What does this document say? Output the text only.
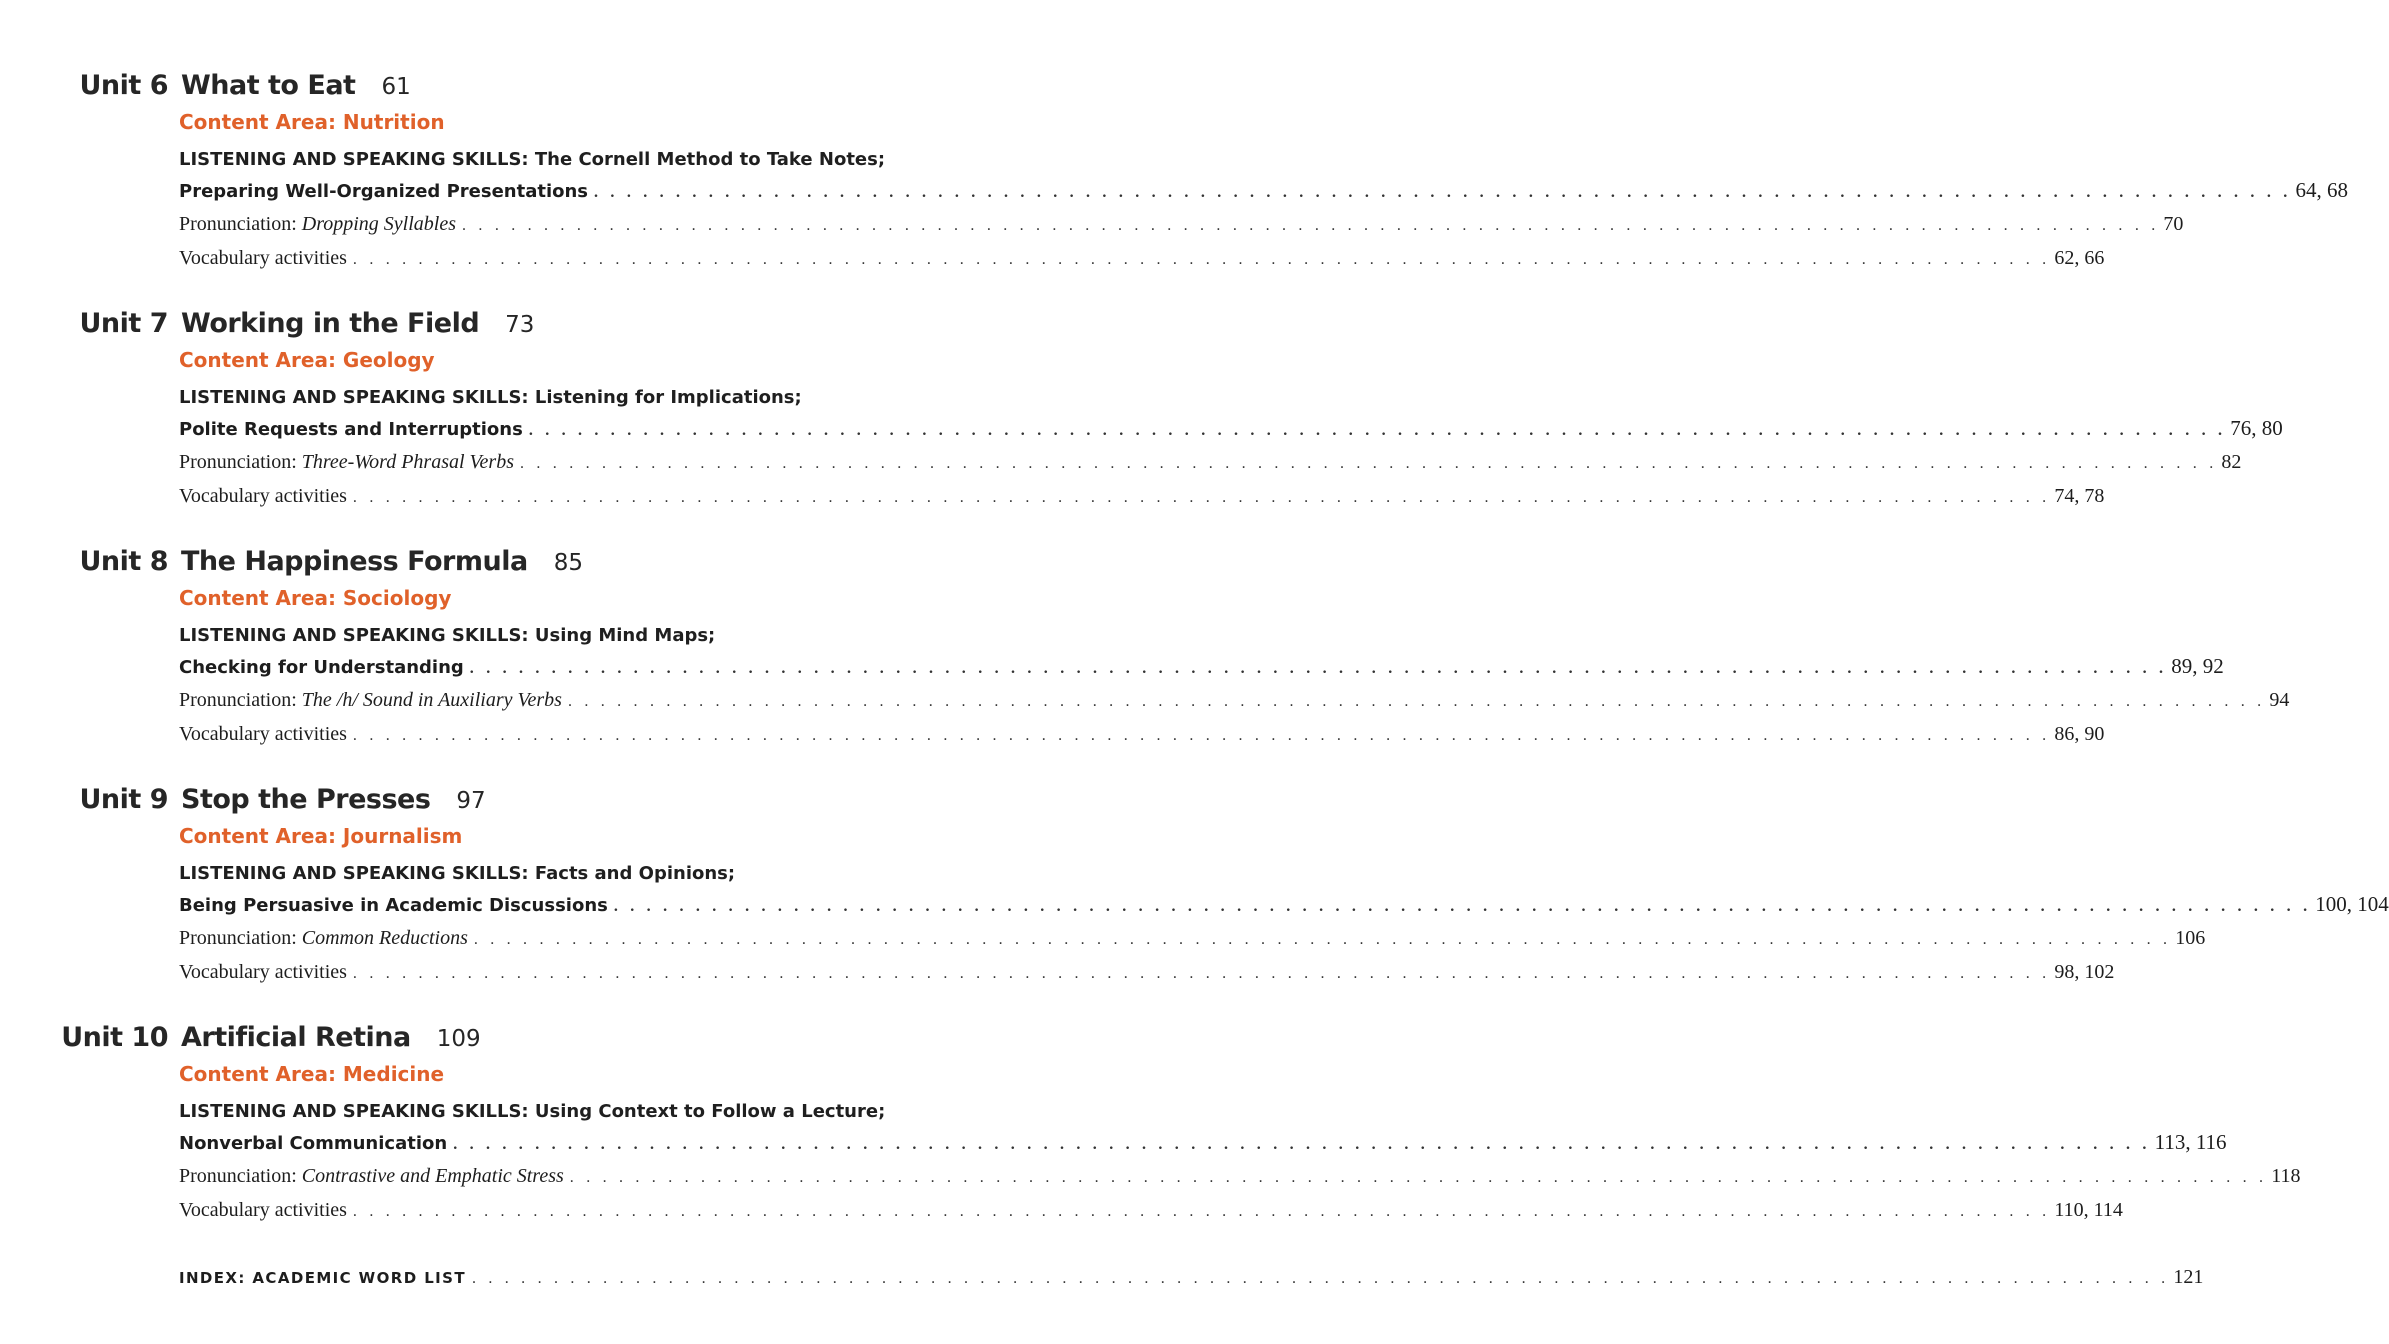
Unit 6 What to Eat 61
Content Area: Nutrition
LISTENING AND SPEAKING SKILLS: The Cornell Method to Take Notes;
Preparing Well-Organized Presentations . . . . . . . . . . . . . . . . . . . . . . . . . . . . . . . . . . . . . . . . . . . . . . . . . . . . . . . . . . . . . . . . . . . . . . . . . . . . . . . . . . . . . . . . . . . . . . . . . . . . . . . . 64, 68
Pronunciation: Dropping Syllables . . . . . . . . . . . . . . . . . . . . . . . . . . . . . . . . . . . . . . . . . . . . . . . . . . . . . . . . . . . . . . . . . . . . . . . . . . . . . . . . . . . . . . . . . . . . . . . . . . . . . . . . 70
Vocabulary activities . . . . . . . . . . . . . . . . . . . . . . . . . . . . . . . . . . . . . . . . . . . . . . . . . . . . . . . . . . . . . . . . . . . . . . . . . . . . . . . . . . . . . . . . . . . . . . . . . . . . . . . . 62, 66
Unit 7 Working in the Field 73
Content Area: Geology
LISTENING AND SPEAKING SKILLS: Listening for Implications;
Polite Requests and Interruptions . . . . . . . . . . . . . . . . . . . . . . . . . . . . . . . . . . . . . . . . . . . . . . . . . . . . . . . . . . . . . . . . . . . . . . . . . . . . . . . . . . . . . . . . . . . . . . . . . . . . . . . . 76, 80
Pronunciation: Three-Word Phrasal Verbs . . . . . . . . . . . . . . . . . . . . . . . . . . . . . . . . . . . . . . . . . . . . . . . . . . . . . . . . . . . . . . . . . . . . . . . . . . . . . . . . . . . . . . . . . . . . . . . . . . . . . . . . 82
Vocabulary activities . . . . . . . . . . . . . . . . . . . . . . . . . . . . . . . . . . . . . . . . . . . . . . . . . . . . . . . . . . . . . . . . . . . . . . . . . . . . . . . . . . . . . . . . . . . . . . . . . . . . . . . . 74, 78
Unit 8 The Happiness Formula 85
Content Area: Sociology
LISTENING AND SPEAKING SKILLS: Using Mind Maps;
Checking for Understanding . . . . . . . . . . . . . . . . . . . . . . . . . . . . . . . . . . . . . . . . . . . . . . . . . . . . . . . . . . . . . . . . . . . . . . . . . . . . . . . . . . . . . . . . . . . . . . . . . . . . . . . . 89, 92
Pronunciation: The /h/ Sound in Auxiliary Verbs . . . . . . . . . . . . . . . . . . . . . . . . . . . . . . . . . . . . . . . . . . . . . . . . . . . . . . . . . . . . . . . . . . . . . . . . . . . . . . . . . . . . . . . . . . . . . . . . . . . . . . . . 94
Vocabulary activities . . . . . . . . . . . . . . . . . . . . . . . . . . . . . . . . . . . . . . . . . . . . . . . . . . . . . . . . . . . . . . . . . . . . . . . . . . . . . . . . . . . . . . . . . . . . . . . . . . . . . . . . 86, 90
Unit 9 Stop the Presses 97
Content Area: Journalism
LISTENING AND SPEAKING SKILLS: Facts and Opinions;
Being Persuasive in Academic Discussions . . . . . . . . . . . . . . . . . . . . . . . . . . . . . . . . . . . . . . . . . . . . . . . . . . . . . . . . . . . . . . . . . . . . . . . . . . . . . . . . . . . . . . . . . . . . . . . . . . . . . . . . 100, 104
Pronunciation: Common Reductions . . . . . . . . . . . . . . . . . . . . . . . . . . . . . . . . . . . . . . . . . . . . . . . . . . . . . . . . . . . . . . . . . . . . . . . . . . . . . . . . . . . . . . . . . . . . . . . . . . . . . . . . 106
Vocabulary activities . . . . . . . . . . . . . . . . . . . . . . . . . . . . . . . . . . . . . . . . . . . . . . . . . . . . . . . . . . . . . . . . . . . . . . . . . . . . . . . . . . . . . . . . . . . . . . . . . . . . . . . . 98, 102
Unit 10 Artificial Retina 109
Content Area: Medicine
LISTENING AND SPEAKING SKILLS: Using Context to Follow a Lecture;
Nonverbal Communication . . . . . . . . . . . . . . . . . . . . . . . . . . . . . . . . . . . . . . . . . . . . . . . . . . . . . . . . . . . . . . . . . . . . . . . . . . . . . . . . . . . . . . . . . . . . . . . . . . . . . . . . 113, 116
Pronunciation: Contrastive and Emphatic Stress . . . . . . . . . . . . . . . . . . . . . . . . . . . . . . . . . . . . . . . . . . . . . . . . . . . . . . . . . . . . . . . . . . . . . . . . . . . . . . . . . . . . . . . . . . . . . . . . . . . . . . . . 118
Vocabulary activities . . . . . . . . . . . . . . . . . . . . . . . . . . . . . . . . . . . . . . . . . . . . . . . . . . . . . . . . . . . . . . . . . . . . . . . . . . . . . . . . . . . . . . . . . . . . . . . . . . . . . . . . 110, 114
INDEX: ACADEMIC WORD LIST . . . . . . . . . . . . . . . . . . . . . . . . . . . . . . . . . . . . . . . . . . . . . . . . . . . . . . . . . . . . . . . . . . . . . . . . . . . . . . . . . . . . . . . . . . . . . . . . . . . . . . . . 121
